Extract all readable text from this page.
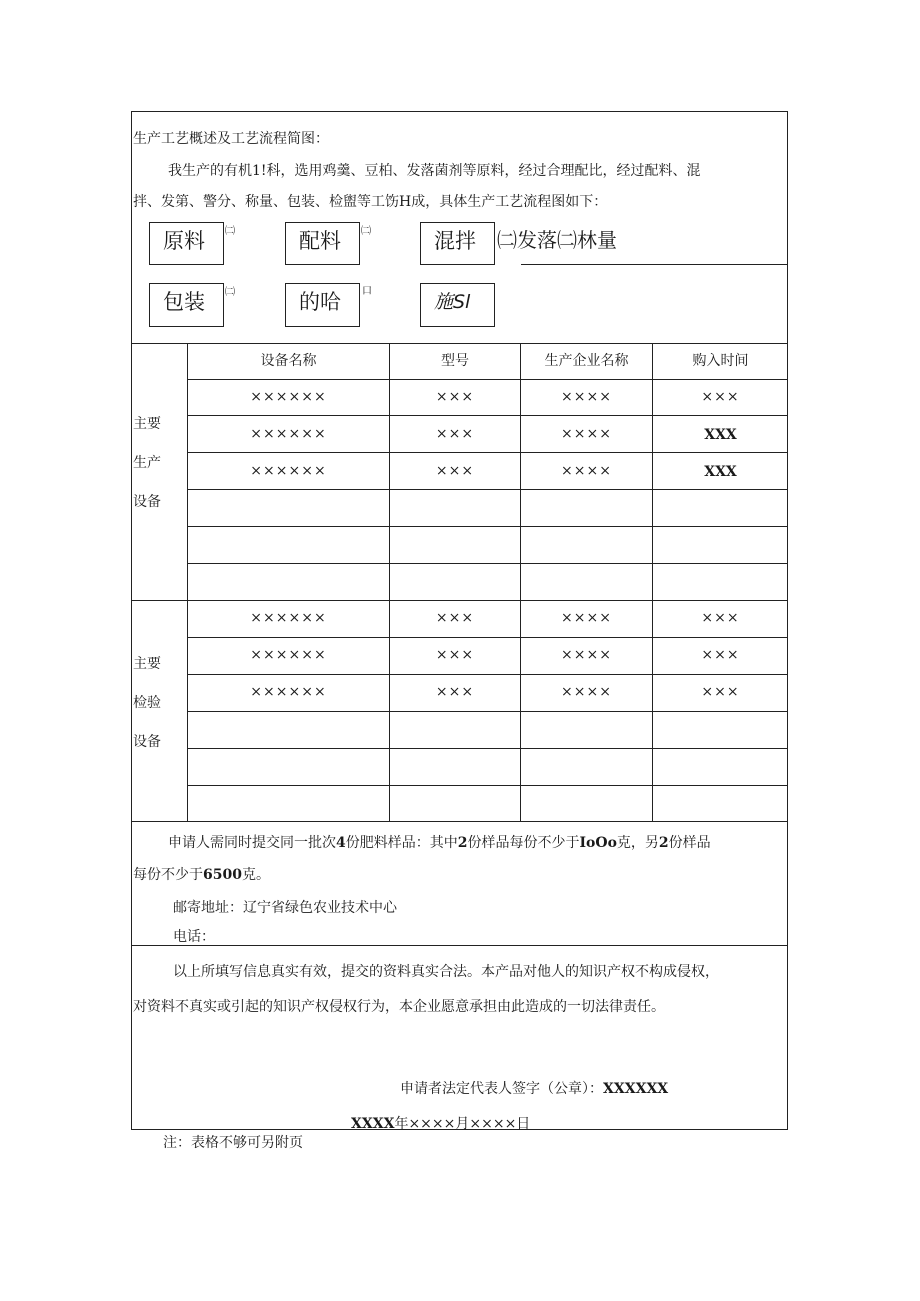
生产工艺概述及工艺流程简图：
我生产的有机1!科，选用鸡羹、豆柏、发落菌剂等原料，经过合理配比，经过配料、混
拌、发第、警分、称量、包装、检盥等工饬H成，具体生产工艺流程图如下：
原料	㈡	配料	㈡	混拌	㈡发落㈡林量
包装	㈡	的哈	口	施Sl
设备名称	型号	生产企业名称	购入时间
主要
生产
设备
××××××	×××	××××	×××
××××××	×××	××××	XXX
××××××	×××	××××	XXX
主要
检验
设备
××××××	×××	××××	×××
××××××	×××	××××	×××
××××××	×××	××××	×××
申请人需同时提交同一批次4份肥料样品：其中2份样品每份不少于IoOo克，另2份样品
每份不少于6500克。
邮寄地址：辽宁省绿色农业技术中心
电话：
以上所填写信息真实有效，提交的资料真实合法。本产品对他人的知识产权不构成侵权，
对资料不真实或引起的知识产权侵权行为，本企业愿意承担由此造成的一切法律责任。
申请者法定代表人签字（公章）：XXXXXX
XXXX年××××月××××日
注：表格不够可另附页
